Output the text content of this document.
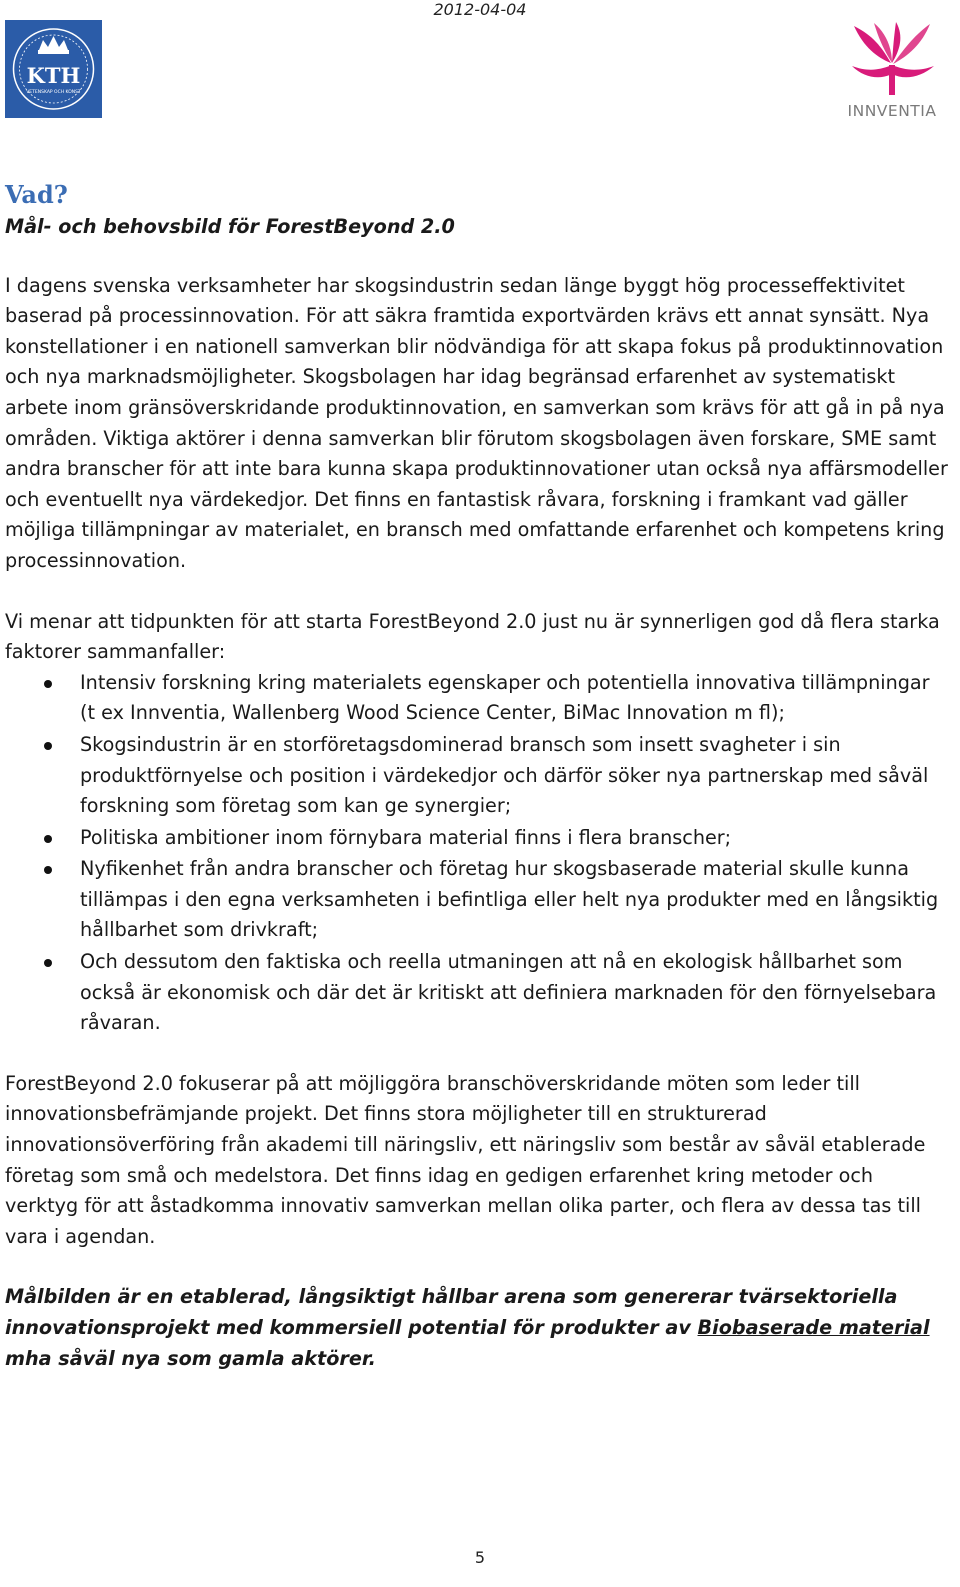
2012-04-04
KTH
VETENSKAP OCH KONST
INNVENTIA
Vad?

Mål- och behovsbild för ForestBeyond 2.0

I dagens svenska verksamheter har skogsindustrin sedan länge byggt hög processeffektivitet baserad på processinnovation. För att säkra framtida exportvärden krävs ett annat synsätt. Nya konstellationer i en nationell samverkan blir nödvändiga för att skapa fokus på produktinnovation och nya marknadsmöjligheter. Skogsbolagen har idag begränsad erfarenhet av systematiskt arbete inom gränsöverskridande produktinnovation, en samverkan som krävs för att gå in på nya områden. Viktiga aktörer i denna samverkan blir förutom skogsbolagen även forskare, SME samt andra branscher för att inte bara kunna skapa produktinnovationer utan också nya affärsmodeller och eventuellt nya värdekedjor. Det finns en fantastisk råvara, forskning i framkant vad gäller möjliga tillämpningar av materialet, en bransch med omfattande erfarenhet och kompetens kring processinnovation.

Vi menar att tidpunkten för att starta ForestBeyond 2.0 just nu är synnerligen god då flera starka faktorer sammanfaller:

Intensiv forskning kring materialets egenskaper och potentiella innovativa tillämpningar (t ex Innventia, Wallenberg Wood Science Center, BiMac Innovation m fl);
Skogsindustrin är en storföretagsdominerad bransch som insett svagheter i sin produktförnyelse och position i värdekedjor och därför söker nya partnerskap med såväl forskning som företag som kan ge synergier;
Politiska ambitioner inom förnybara material finns i flera branscher;
Nyfikenhet från andra branscher och företag hur skogsbaserade material skulle kunna tillämpas i den egna verksamheten i befintliga eller helt nya produkter med en långsiktig hållbarhet som drivkraft;
Och dessutom den faktiska och reella utmaningen att nå en ekologisk hållbarhet som också är ekonomisk och där det är kritiskt att definiera marknaden för den förnyelsebara råvaran.

ForestBeyond 2.0 fokuserar på att möjliggöra branschöverskridande möten som leder till innovationsbefrämjande projekt. Det finns stora möjligheter till en strukturerad innovationsöverföring från akademi till näringsliv, ett näringsliv som består av såväl etablerade företag som små och medelstora. Det finns idag en gedigen erfarenhet kring metoder och verktyg för att åstadkomma innovativ samverkan mellan olika parter, och flera av dessa tas till vara i agendan.

Målbilden är en etablerad, långsiktigt hållbar arena som genererar tvärsektoriella innovationsprojekt med kommersiell potential för produkter av Biobaserade material mha såväl nya som gamla aktörer.

5
